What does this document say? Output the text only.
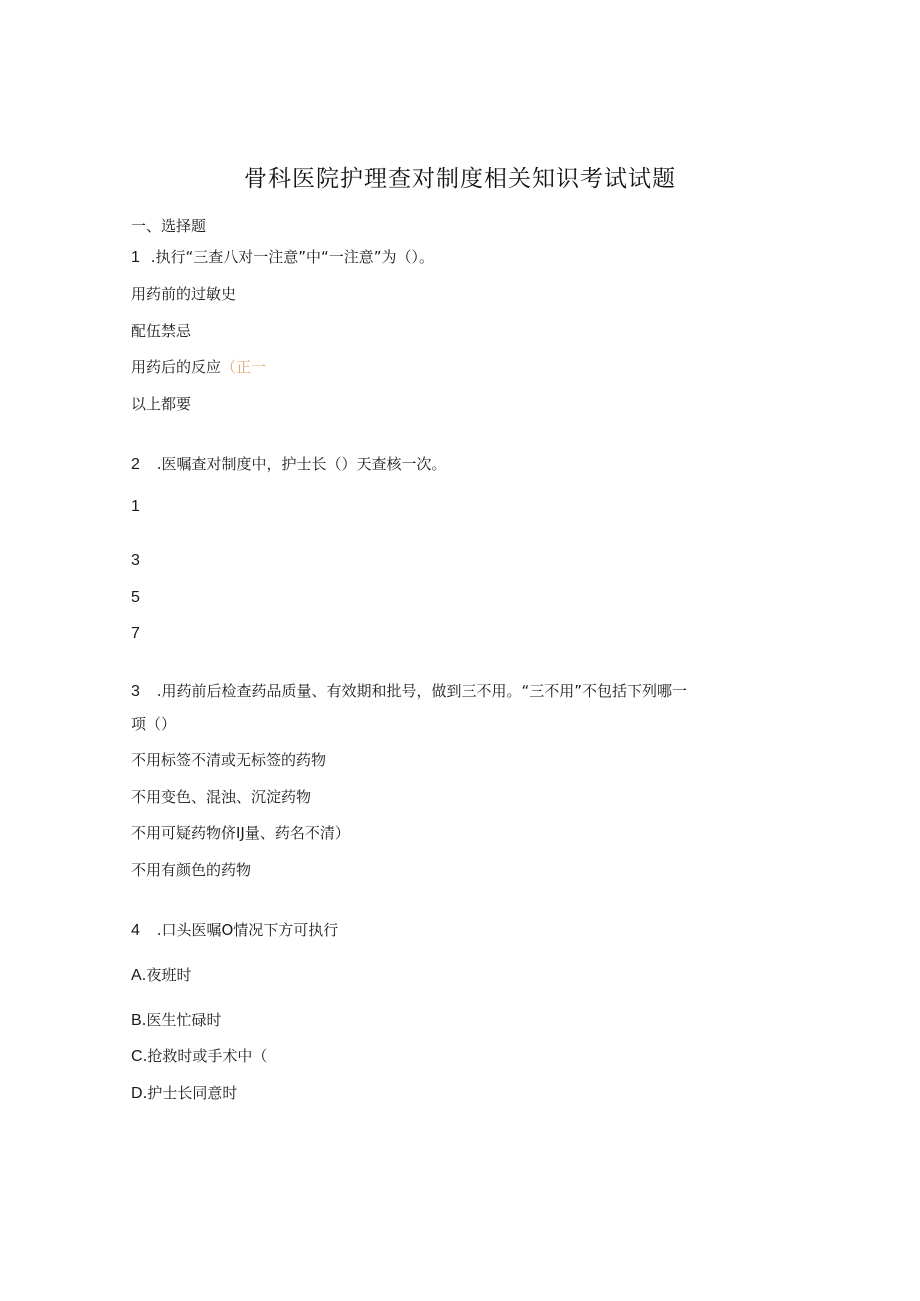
骨科医院护理查对制度相关知识考试试题
一、选择题
1 .执行“三查八对一注意”中“一注意”为（）。
用药前的过敏史
配伍禁忌
用药后的反应（正一
以上都要
2 .医嘱查对制度中，护士长（）天查核一次。
1
3
5
7
3 .用药前后检查药品质量、有效期和批号，做到三不用。“三不用”不包括下列哪一
项（）
不用标签不清或无标签的药物
不用变色、混浊、沉淀药物
不用可疑药物侪IJ量、药名不清）
不用有颜色的药物
4 .口头医嘱O情况下方可执行
A.夜班时
B.医生忙碌时
C.抢救时或手术中（
D.护士长同意时
